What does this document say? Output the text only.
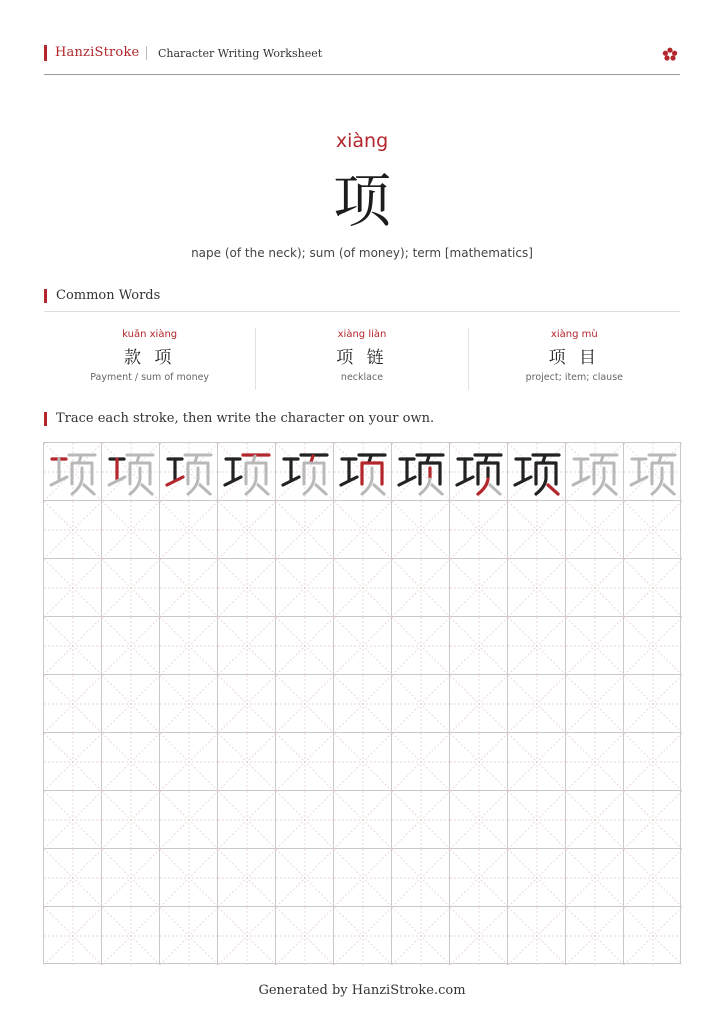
HanziStroke Character Writing Worksheet
xiàng
项
nape (of the neck); sum (of money); term [mathematics]
Common Words
kuǎn xiàng
款 项
Payment / sum of money
xiàng liàn
项 链
necklace
xiàng mù
项 目
project; item; clause
Trace each stroke, then write the character on your own.
Generated by HanziStroke.com
